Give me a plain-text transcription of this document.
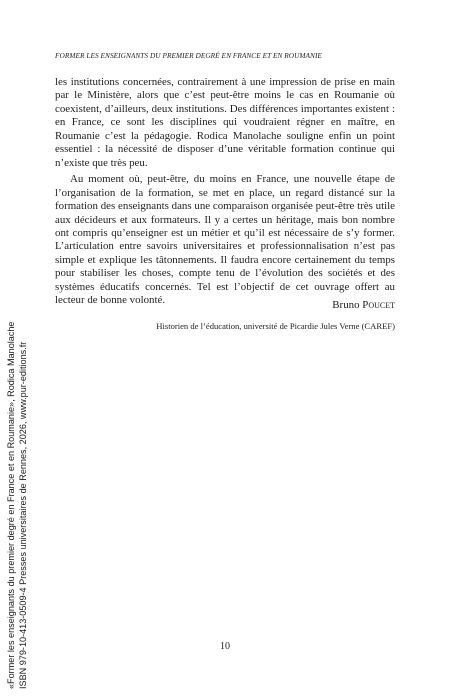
FORMER LES ENSEIGNANTS DU PREMIER DEGRÉ EN FRANCE ET EN ROUMANIE

les institutions concernées, contrairement à une impression de prise en main par le Ministère, alors que c’est peut-être moins le cas en Roumanie où coexistent, d’ailleurs, deux institutions. Des différences importantes existent : en France, ce sont les disciplines qui voudraient régner en maître, en Roumanie c’est la pédagogie. Rodica Manolache souligne enfin un point essentiel : la nécessité de disposer d’une véritable formation continue qui n’existe que très peu.

Au moment où, peut-être, du moins en France, une nouvelle étape de l’organisation de la formation, se met en place, un regard distancé sur la formation des enseignants dans une comparaison organisée peut-être très utile aux décideurs et aux formateurs. Il y a certes un héritage, mais bon nombre ont compris qu’enseigner est un métier et qu’il est nécessaire de s’y former. L’articulation entre savoirs universitaires et professionnalisation n’est pas simple et explique les tâtonnements. Il faudra encore certainement du temps pour stabiliser les choses, compte tenu de l’évolution des sociétés et des systèmes éducatifs concernés. Tel est l’objectif de cet ouvrage offert au lecteur de bonne volonté.	Bruno Poucet
Historien de l’éducation, université de Picardie Jules Verne (CAREF)
10
«Former les enseignants du premier degré en France et en Roumanie», Rodica Manolache ISBN 979-10-413-0509-4 Presses universitaires de Rennes, 2026, www.pur-editions.fr
